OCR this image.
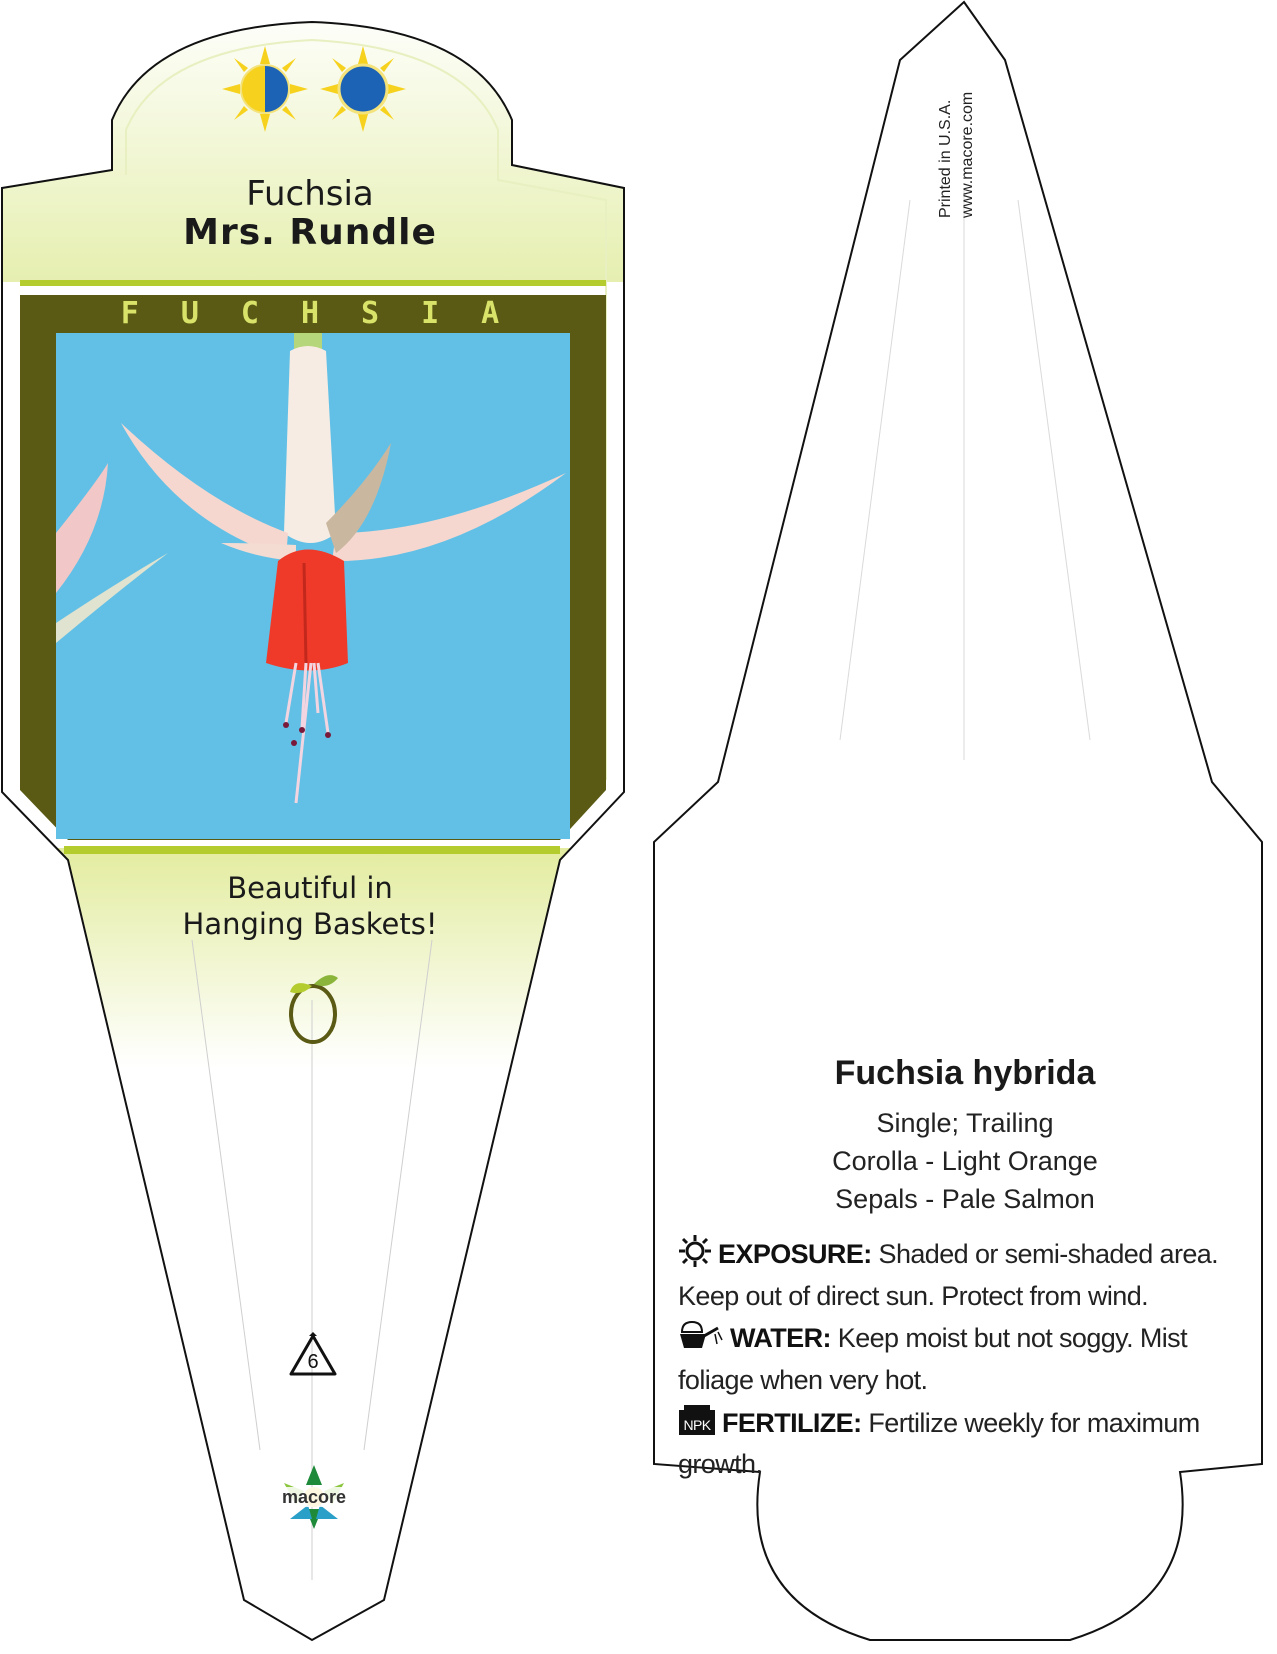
Fuchsia
Mrs. Rundle
FUCHSIA
Beautiful in
Hanging Baskets!
6
macore
Printed in U.S.A. www.macore.com
Fuchsia hybrida
Single; Trailing
Corolla - Light Orange
Sepals - Pale Salmon
EXPOSURE: Shaded or semi-shaded area. Keep out of direct sun. Protect from wind.
WATER: Keep moist but not soggy. Mist foliage when very hot.
NPK FERTILIZE: Fertilize weekly for maximum growth.
